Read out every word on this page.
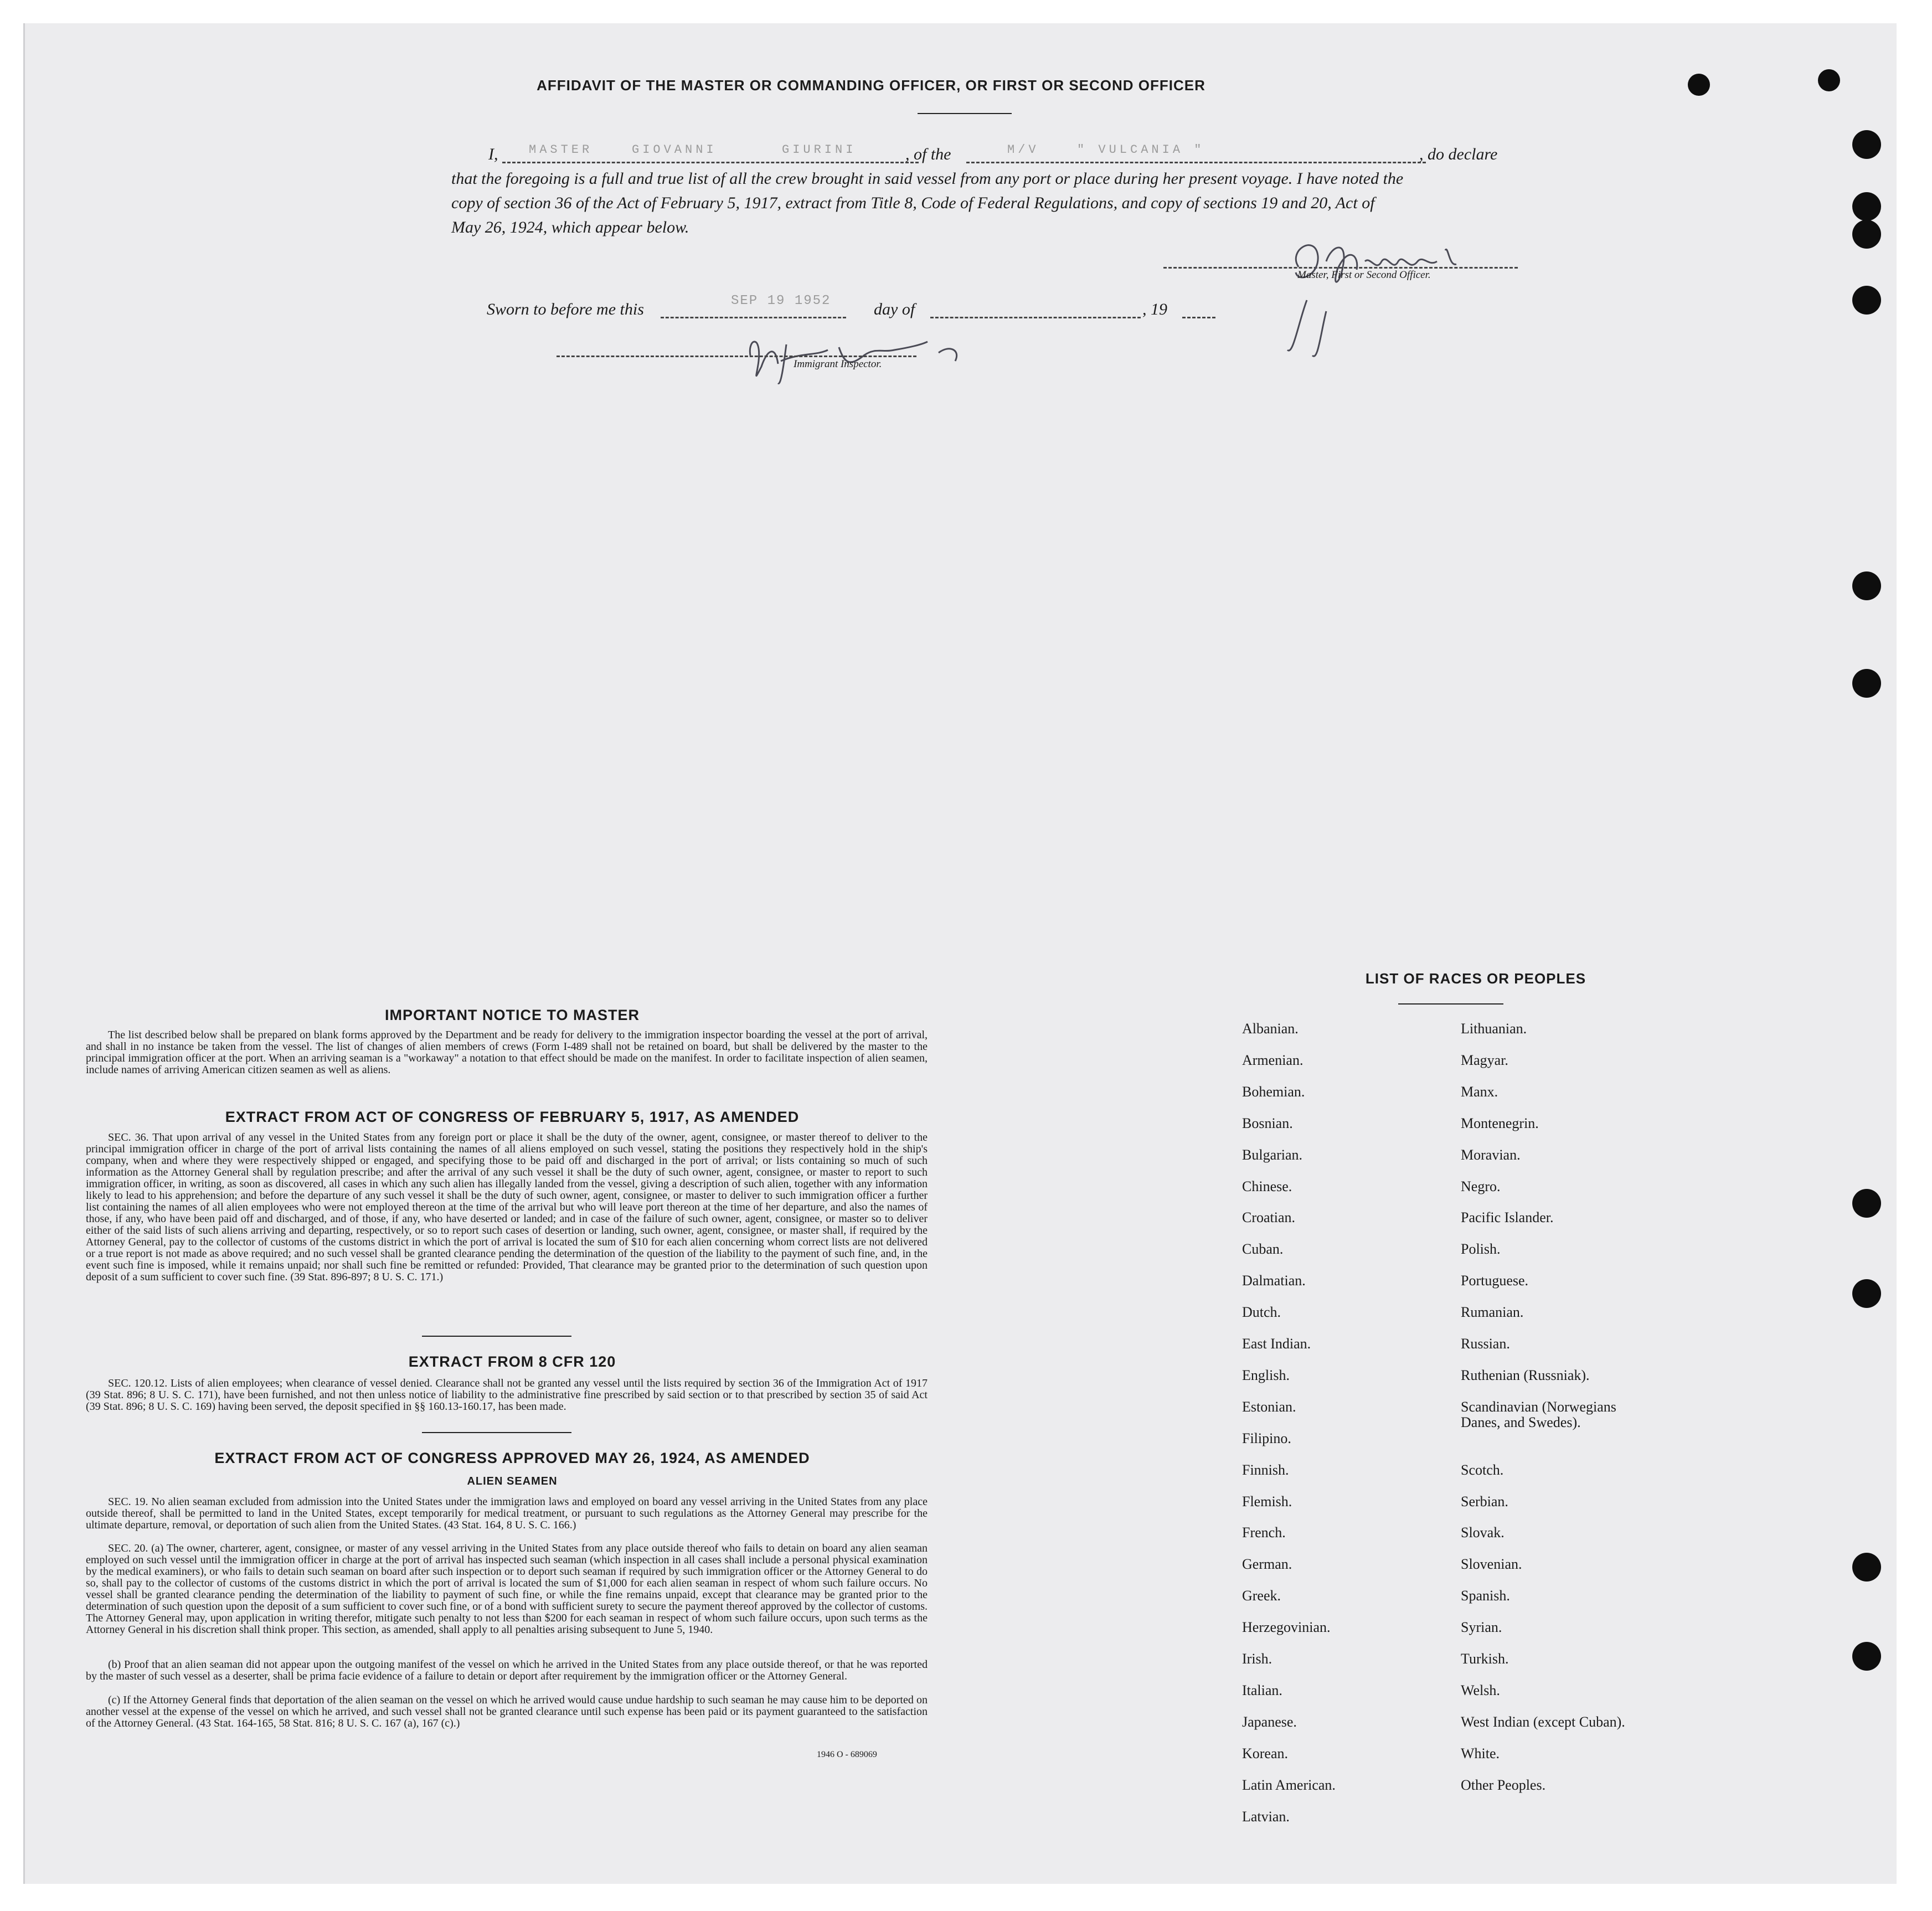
AFFIDAVIT OF THE MASTER OR COMMANDING OFFICER, OR FIRST OR SECOND OFFICER
I,	MASTER	GIOVANNI	GIURINI	, of the	M/V	" VULCANIA "	, do declare
that the foregoing is a full and true list of all the crew brought in said vessel from any port or place during her present voyage. I have noted the
copy of section 36 of the Act of February 5, 1917, extract from Title 8, Code of Federal Regulations, and copy of sections 19 and 20, Act of
May 26, 1924, which appear below.
Master, First or Second Officer.
Sworn to before me this	SEP 19 1952	day of	, 19
Immigrant Inspector.
IMPORTANT NOTICE TO MASTER
The list described below shall be prepared on blank forms approved by the Department and be ready for delivery to the immigration inspector boarding the vessel at the port of arrival, and shall in no instance be taken from the vessel. The list of changes of alien members of crews (Form I-489 shall not be retained on board, but shall be delivered by the master to the principal immigration officer at the port. When an arriving seaman is a "workaway" a notation to that effect should be made on the manifest. In order to facilitate inspection of alien seamen, include names of arriving American citizen seamen as well as aliens.
EXTRACT FROM ACT OF CONGRESS OF FEBRUARY 5, 1917, AS AMENDED
SEC. 36. That upon arrival of any vessel in the United States from any foreign port or place it shall be the duty of the owner, agent, consignee, or master thereof to deliver to the principal immigration officer in charge of the port of arrival lists containing the names of all aliens employed on such vessel, stating the positions they respectively hold in the ship's company, when and where they were respectively shipped or engaged, and specifying those to be paid off and discharged in the port of arrival; or lists containing so much of such information as the Attorney General shall by regulation prescribe; and after the arrival of any such vessel it shall be the duty of such owner, agent, consignee, or master to report to such immigration officer, in writing, as soon as discovered, all cases in which any such alien has illegally landed from the vessel, giving a description of such alien, together with any information likely to lead to his apprehension; and before the departure of any such vessel it shall be the duty of such owner, agent, consignee, or master to deliver to such immigration officer a further list containing the names of all alien employees who were not employed thereon at the time of the arrival but who will leave port thereon at the time of her departure, and also the names of those, if any, who have been paid off and discharged, and of those, if any, who have deserted or landed; and in case of the failure of such owner, agent, consignee, or master so to deliver either of the said lists of such aliens arriving and departing, respectively, or so to report such cases of desertion or landing, such owner, agent, consignee, or master shall, if required by the Attorney General, pay to the collector of customs of the customs district in which the port of arrival is located the sum of $10 for each alien concerning whom correct lists are not delivered or a true report is not made as above required; and no such vessel shall be granted clearance pending the determination of the question of the liability to the payment of such fine, and, in the event such fine is imposed, while it remains unpaid; nor shall such fine be remitted or refunded: Provided, That clearance may be granted prior to the determination of such question upon deposit of a sum sufficient to cover such fine. (39 Stat. 896-897; 8 U. S. C. 171.)
EXTRACT FROM 8 CFR 120
SEC. 120.12. Lists of alien employees; when clearance of vessel denied. Clearance shall not be granted any vessel until the lists required by section 36 of the Immigration Act of 1917 (39 Stat. 896; 8 U. S. C. 171), have been furnished, and not then unless notice of liability to the administrative fine prescribed by said section or to that prescribed by section 35 of said Act (39 Stat. 896; 8 U. S. C. 169) having been served, the deposit specified in §§ 160.13-160.17, has been made.
EXTRACT FROM ACT OF CONGRESS APPROVED MAY 26, 1924, AS AMENDED
ALIEN SEAMEN
SEC. 19. No alien seaman excluded from admission into the United States under the immigration laws and employed on board any vessel arriving in the United States from any place outside thereof, shall be permitted to land in the United States, except temporarily for medical treatment, or pursuant to such regulations as the Attorney General may prescribe for the ultimate departure, removal, or deportation of such alien from the United States. (43 Stat. 164, 8 U. S. C. 166.)
SEC. 20. (a) The owner, charterer, agent, consignee, or master of any vessel arriving in the United States from any place outside thereof who fails to detain on board any alien seaman employed on such vessel until the immigration officer in charge at the port of arrival has inspected such seaman (which inspection in all cases shall include a personal physical examination by the medical examiners), or who fails to detain such seaman on board after such inspection or to deport such seaman if required by such immigration officer or the Attorney General to do so, shall pay to the collector of customs of the customs district in which the port of arrival is located the sum of $1,000 for each alien seaman in respect of whom such failure occurs. No vessel shall be granted clearance pending the determination of the liability to payment of such fine, or while the fine remains unpaid, except that clearance may be granted prior to the determination of such question upon the deposit of a sum sufficient to cover such fine, or of a bond with sufficient surety to secure the payment thereof approved by the collector of customs. The Attorney General may, upon application in writing therefor, mitigate such penalty to not less than $200 for each seaman in respect of whom such failure occurs, upon such terms as the Attorney General in his discretion shall think proper. This section, as amended, shall apply to all penalties arising subsequent to June 5, 1940.
(b) Proof that an alien seaman did not appear upon the outgoing manifest of the vessel on which he arrived in the United States from any place outside thereof, or that he was reported by the master of such vessel as a deserter, shall be prima facie evidence of a failure to detain or deport after requirement by the immigration officer or the Attorney General.
(c) If the Attorney General finds that deportation of the alien seaman on the vessel on which he arrived would cause undue hardship to such seaman he may cause him to be deported on another vessel at the expense of the vessel on which he arrived, and such vessel shall not be granted clearance until such expense has been paid or its payment guaranteed to the satisfaction of the Attorney General. (43 Stat. 164-165, 58 Stat. 816; 8 U. S. C. 167 (a), 167 (c).)
1946 O - 689069
LIST OF RACES OR PEOPLES
Albanian.
Armenian.
Bohemian.
Bosnian.
Bulgarian.
Chinese.
Croatian.
Cuban.
Dalmatian.
Dutch.
East Indian.
English.
Estonian.
Filipino.
Finnish.
Flemish.
French.
German.
Greek.
Herzegovinian.
Irish.
Italian.
Japanese.
Korean.
Latin American.
Latvian.
Lithuanian.
Magyar.
Manx.
Montenegrin.
Moravian.
Negro.
Pacific Islander.
Polish.
Portuguese.
Rumanian.
Russian.
Ruthenian (Russniak).
Scandinavian (Norwegians
Danes, and Swedes).
Scotch.
Serbian.
Slovak.
Slovenian.
Spanish.
Syrian.
Turkish.
Welsh.
West Indian (except Cuban).
White.
Other Peoples.
